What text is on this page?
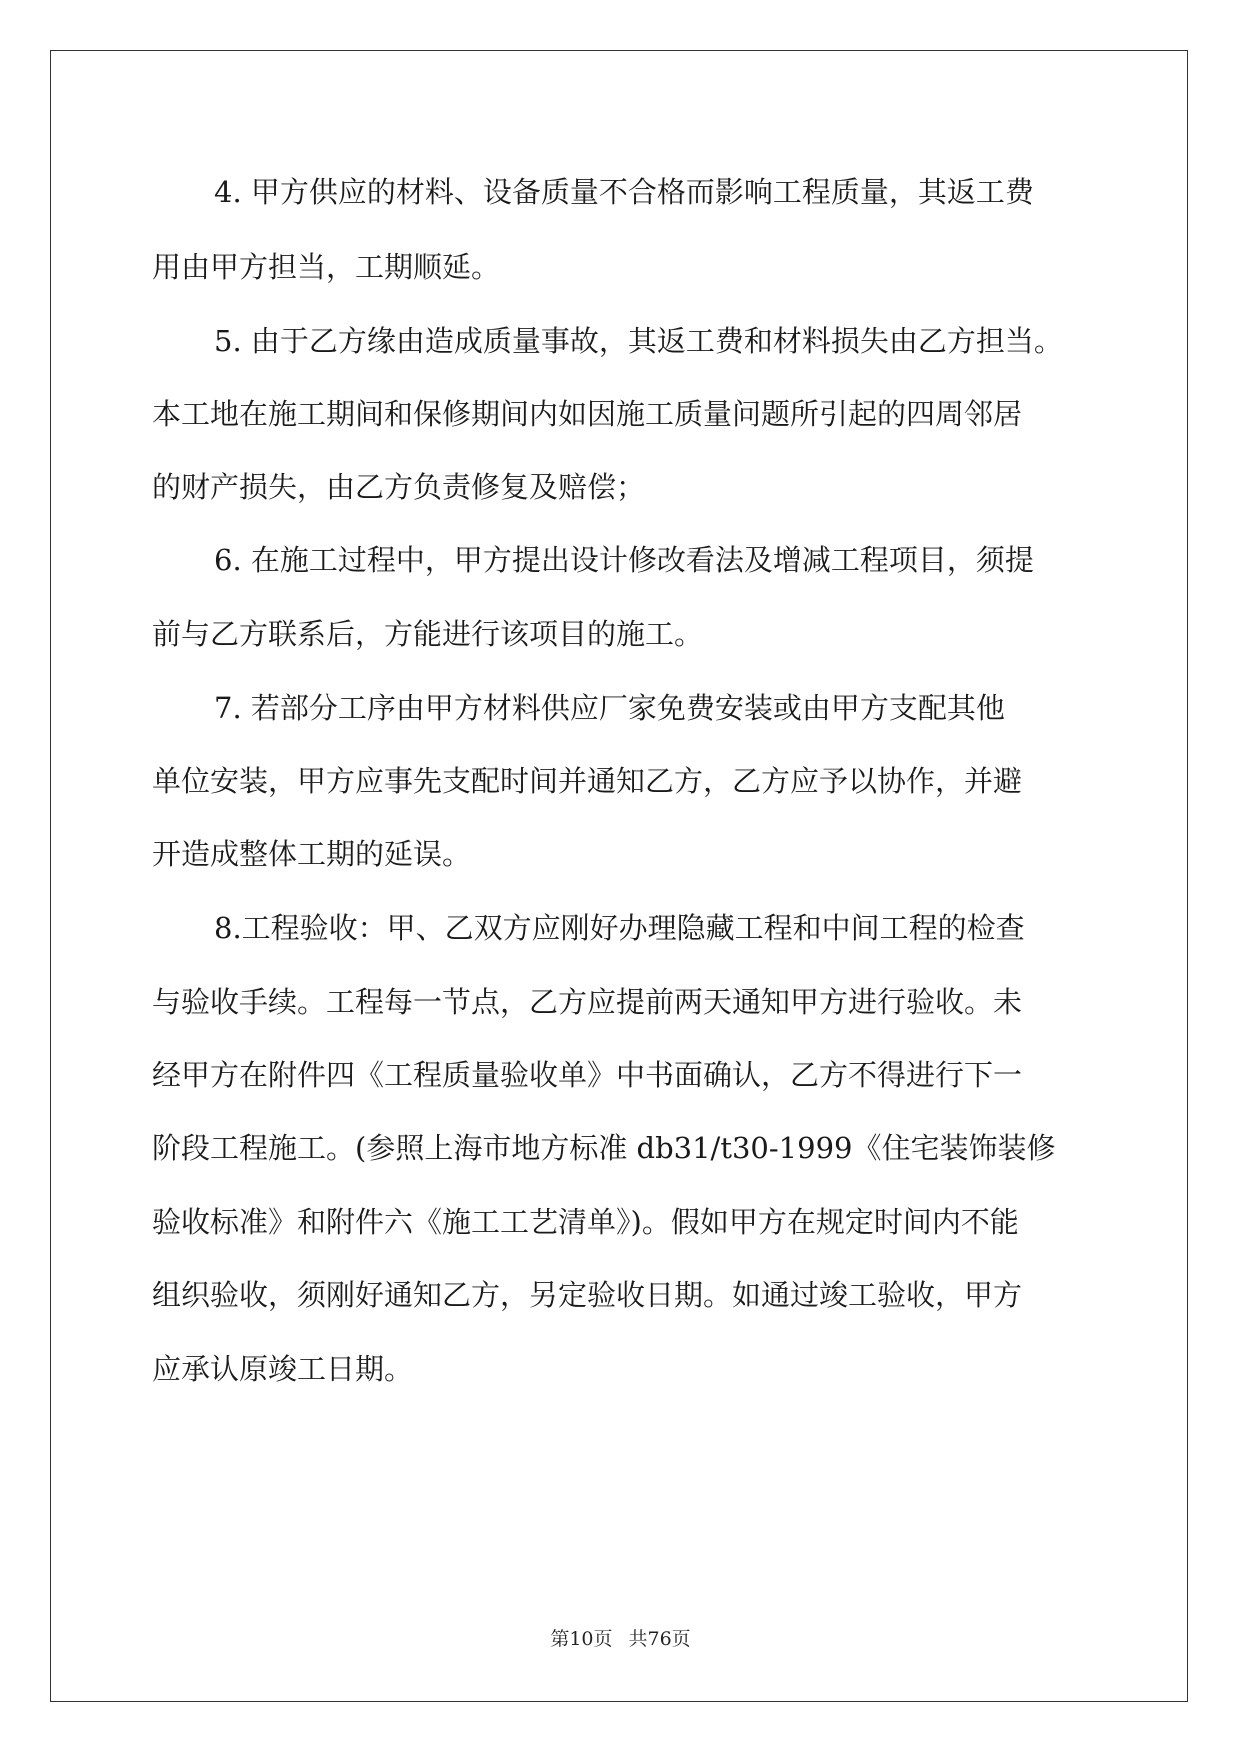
4. 甲方供应的材料、设备质量不合格而影响工程质量，其返工费

用由甲方担当，工期顺延。

5. 由于乙方缘由造成质量事故，其返工费和材料损失由乙方担当。

本工地在施工期间和保修期间内如因施工质量问题所引起的四周邻居

的财产损失，由乙方负责修复及赔偿；

6. 在施工过程中，甲方提出设计修改看法及增减工程项目，须提

前与乙方联系后，方能进行该项目的施工。

7. 若部分工序由甲方材料供应厂家免费安装或由甲方支配其他

单位安装，甲方应事先支配时间并通知乙方，乙方应予以协作，并避

开造成整体工期的延误。

8.工程验收：甲、乙双方应刚好办理隐藏工程和中间工程的检查

与验收手续。工程每一节点，乙方应提前两天通知甲方进行验收。未

经甲方在附件四《工程质量验收单》中书面确认，乙方不得进行下一

阶段工程施工。(参照上海市地方标准 db31/t30-1999《住宅装饰装修

验收标准》和附件六《施工工艺清单》)。假如甲方在规定时间内不能

组织验收，须刚好通知乙方，另定验收日期。如通过竣工验收，甲方

应承认原竣工日期。

第10页 共76页
